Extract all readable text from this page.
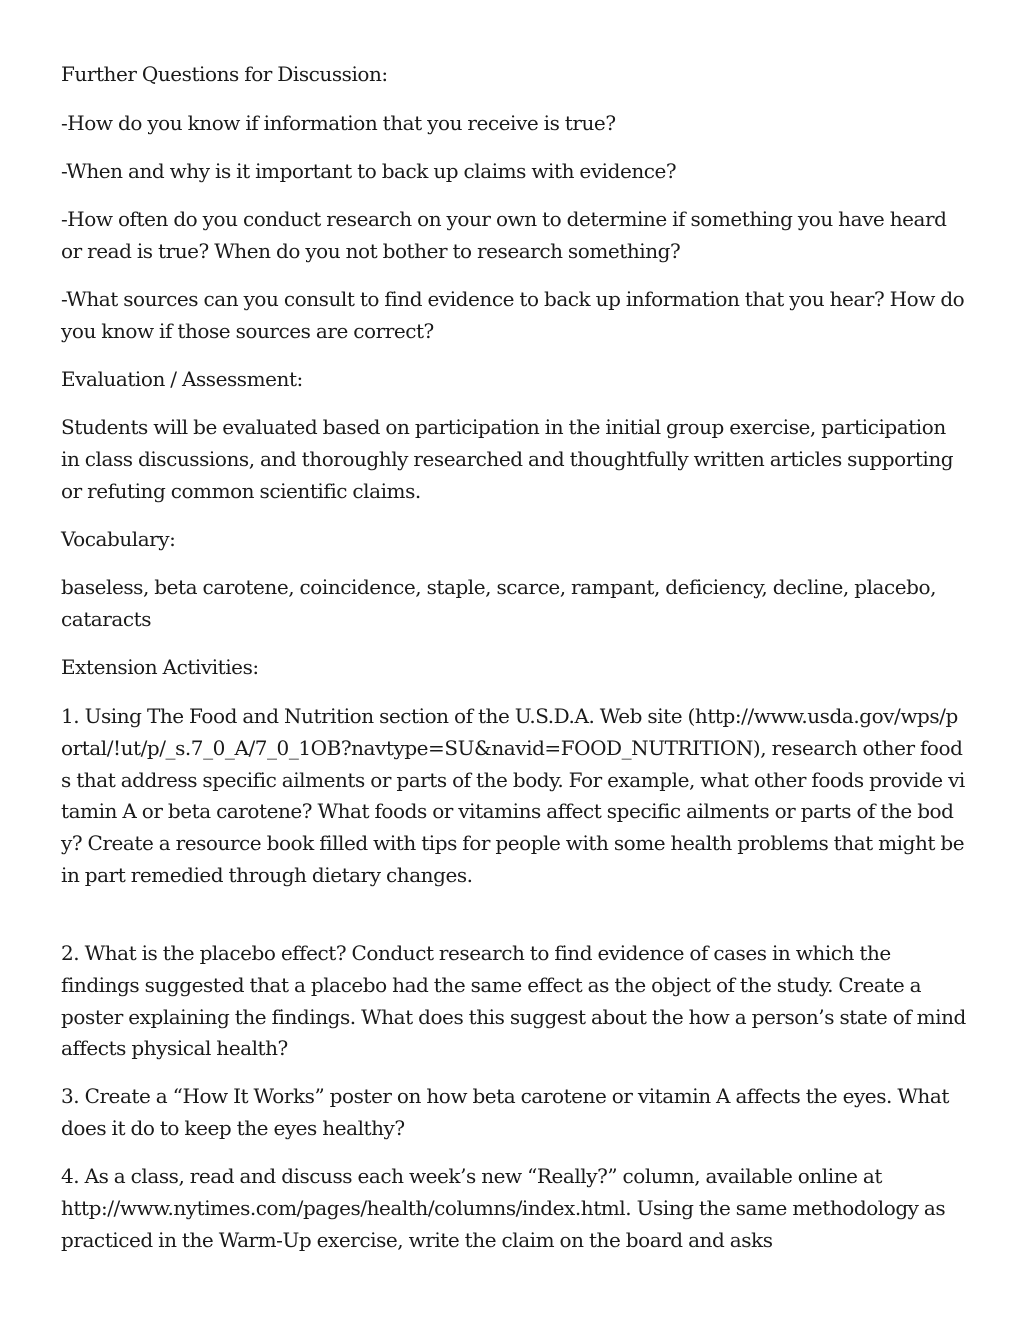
Further Questions for Discussion:

-How do you know if information that you receive is true?

-When and why is it important to back up claims with evidence?

-How often do you conduct research on your own to determine if something you have heard or read is true? When do you not bother to research something?

-What sources can you consult to find evidence to back up information that you hear? How do you know if those sources are correct?

Evaluation / Assessment:

Students will be evaluated based on participation in the initial group exercise, participation in class discussions, and thoroughly researched and thoughtfully written articles supporting or refuting common scientific claims.

Vocabulary:

baseless, beta carotene, coincidence, staple, scarce, rampant, deficiency, decline, placebo, cataracts

Extension Activities:

1. Using The Food and Nutrition section of the U.S.D.A. Web site (http://www.usda.gov/wps/portal/!ut/p/_s.7_0_A/7_0_1OB?navtype=SU&navid=FOOD_NUTRITION), research other foods that address specific ailments or parts of the body. For example, what other foods provide vitamin A or beta carotene? What foods or vitamins affect specific ailments or parts of the body? Create a resource book filled with tips for people with some health problems that might be in part remedied through dietary changes.

2. What is the placebo effect? Conduct research to find evidence of cases in which the findings suggested that a placebo had the same effect as the object of the study. Create a poster explaining the findings. What does this suggest about the how a person’s state of mind affects physical health?

3. Create a “How It Works” poster on how beta carotene or vitamin A affects the eyes. What does it do to keep the eyes healthy?

4. As a class, read and discuss each week’s new “Really?” column, available online at http://www.nytimes.com/pages/health/columns/index.html. Using the same methodology as practiced in the Warm-Up exercise, write the claim on the board and asks
